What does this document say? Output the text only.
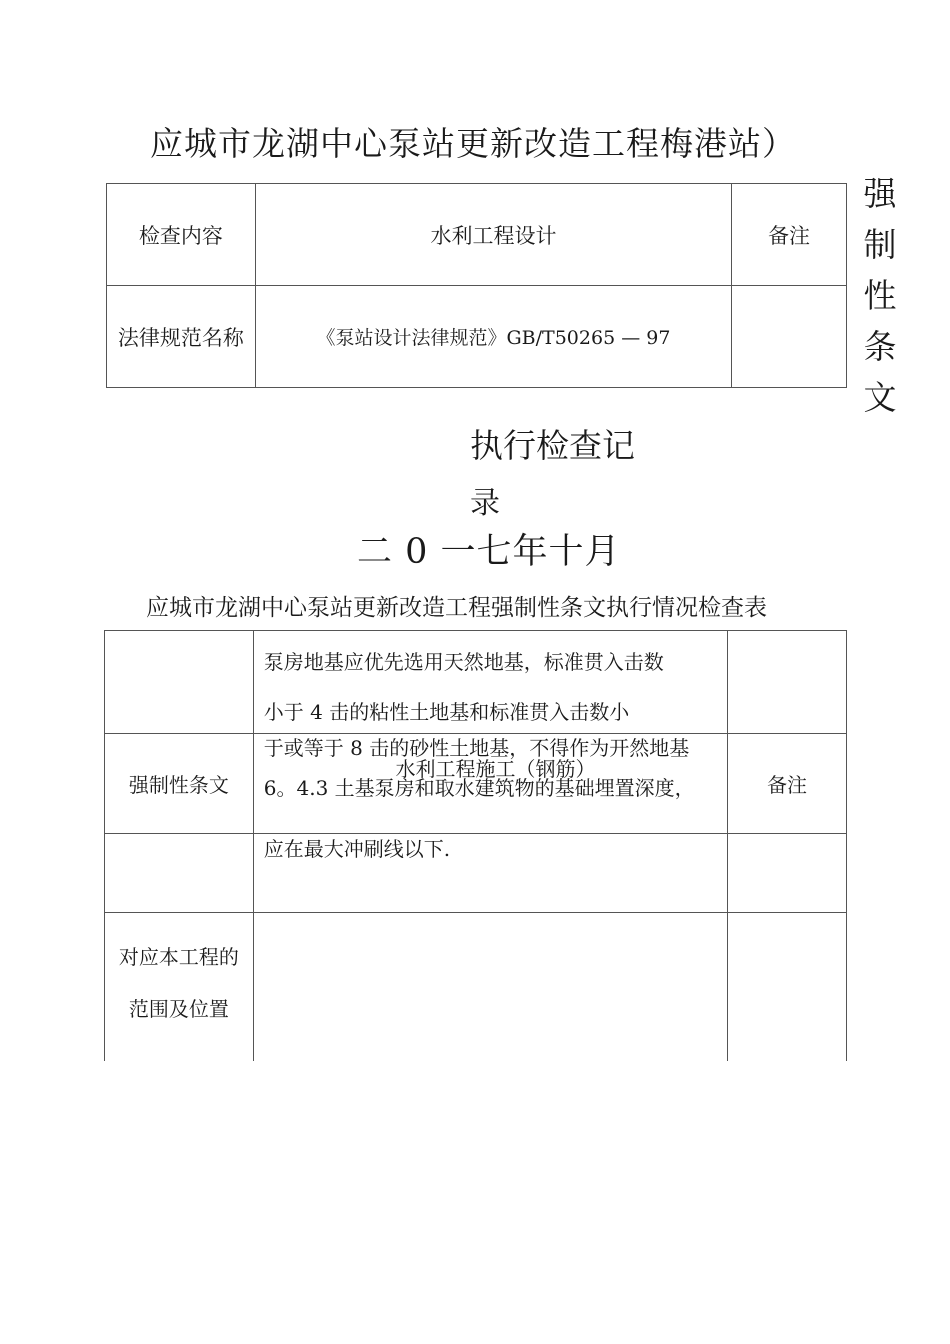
应城市龙湖中心泵站更新改造工程梅港站）
强
制
性
条
文
检查内容	水利工程设计	备注
法律规范名称	《泵站设计法律规范》GB/T50265 — 97	
执行检查记
录
二 0 一七年十月
应城市龙湖中心泵站更新改造工程强制性条文执行情况检查表

	泵房地基应优先选用天然地基，标准贯入击数
小于 4 击的粘性土地基和标准贯入击数小	

强制性条文	于或等于 8 击的砂性土地基，不得作为开然地基
水利工程施工（钢筋）
6。4.3 土基泵房和取水建筑物的基础埋置深度，	备注

	应在最大冲刷线以下.	

对应本工程的
范围及位置		
